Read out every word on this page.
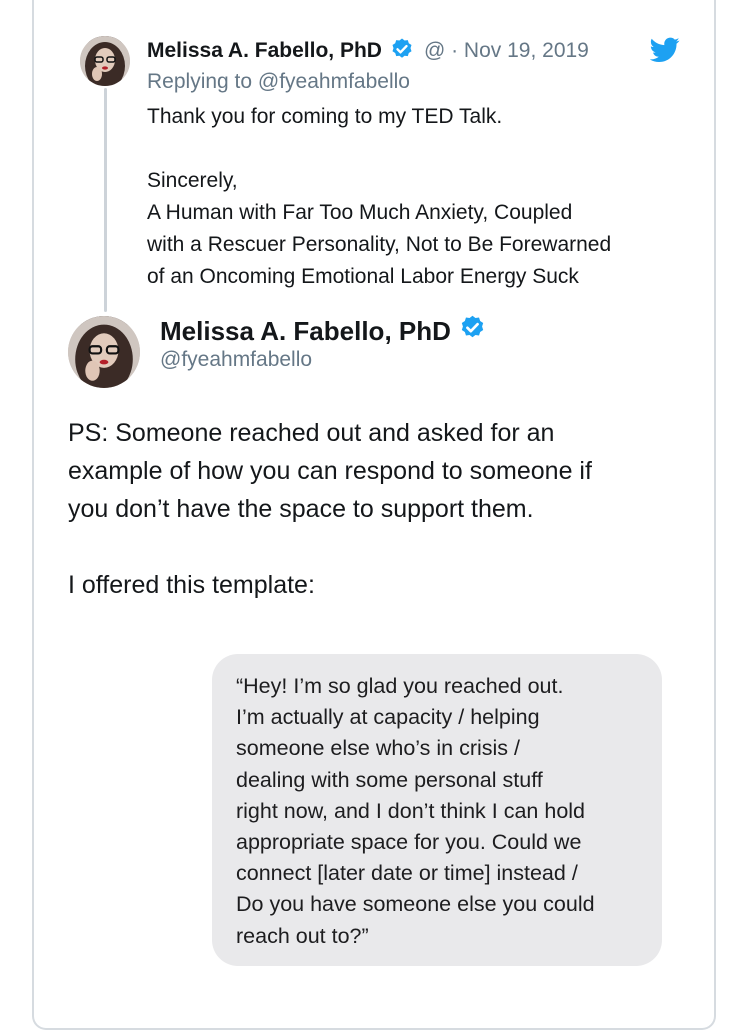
Melissa A. Fabello, PhD @ · Nov 19, 2019
Replying to @fyeahmfabello

Thank you for coming to my TED Talk.

Sincerely,

A Human with Far Too Much Anxiety, Coupled

with a Rescuer Personality, Not to Be Forewarned

of an Oncoming Emotional Labor Energy Suck

Melissa A. Fabello, PhD
@fyeahmfabello

PS: Someone reached out and asked for an

example of how you can respond to someone if

you don’t have the space to support them.

I offered this template:

“Hey! I’m so glad you reached out.
I’m actually at capacity / helping
someone else who’s in crisis /
dealing with some personal stuff
right now, and I don’t think I can hold
appropriate space for you. Could we
connect [later date or time] instead /
Do you have someone else you could
reach out to?”
